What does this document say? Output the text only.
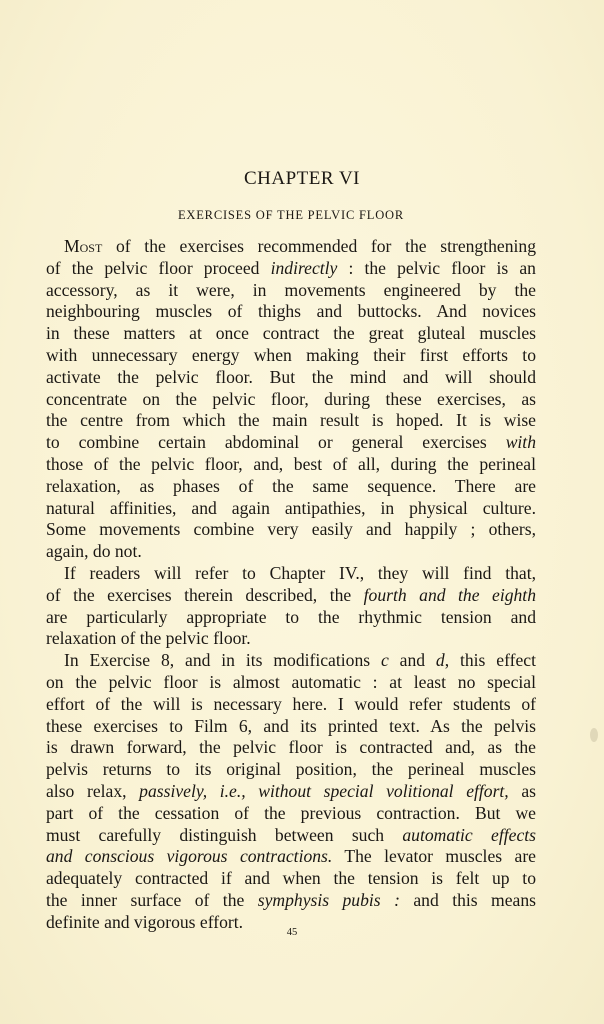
CHAPTER VI
EXERCISES OF THE PELVIC FLOOR
Most of the exercises recommended for the strengthening
of the pelvic floor proceed indirectly : the pelvic floor is an
accessory, as it were, in movements engineered by the
neighbouring muscles of thighs and buttocks. And novices
in these matters at once contract the great gluteal muscles
with unnecessary energy when making their first efforts to
activate the pelvic floor. But the mind and will should
concentrate on the pelvic floor, during these exercises, as
the centre from which the main result is hoped. It is wise
to combine certain abdominal or general exercises with
those of the pelvic floor, and, best of all, during the perineal
relaxation, as phases of the same sequence. There are
natural affinities, and again antipathies, in physical culture.
Some movements combine very easily and happily ; others,
again, do not.
If readers will refer to Chapter IV., they will find that,
of the exercises therein described, the fourth and the eighth
are particularly appropriate to the rhythmic tension and
relaxation of the pelvic floor.
In Exercise 8, and in its modifications c and d, this effect
on the pelvic floor is almost automatic : at least no special
effort of the will is necessary here. I would refer students of
these exercises to Film 6, and its printed text. As the pelvis
is drawn forward, the pelvic floor is contracted and, as the
pelvis returns to its original position, the perineal muscles
also relax, passively, i.e., without special volitional effort, as
part of the cessation of the previous contraction. But we
must carefully distinguish between such automatic effects
and conscious vigorous contractions. The levator muscles are
adequately contracted if and when the tension is felt up to
the inner surface of the symphysis pubis : and this means
definite and vigorous effort.
45
